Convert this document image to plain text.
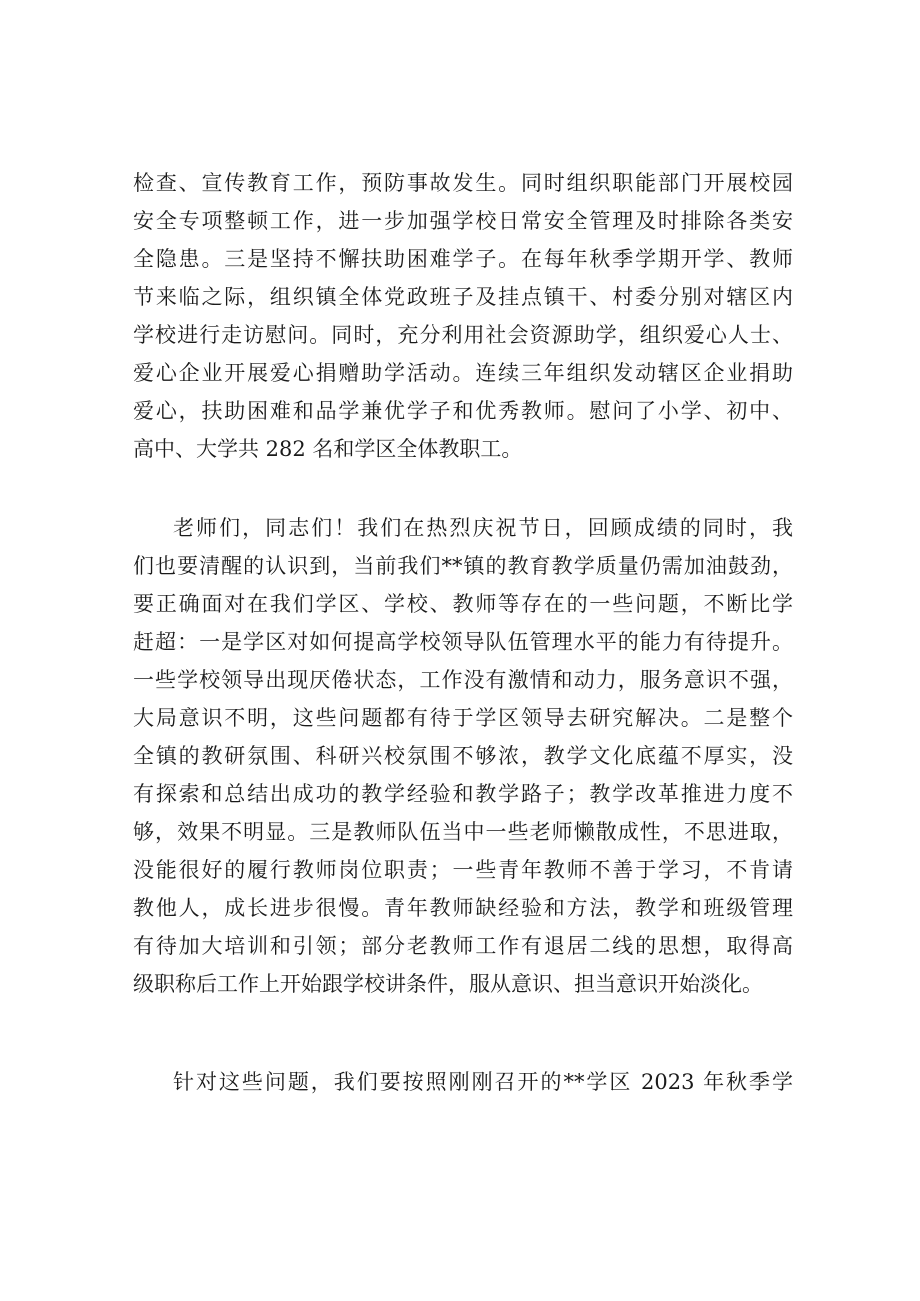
检查、宣传教育工作，预防事故发生。同时组织职能部门开展校园
安全专项整顿工作，进一步加强学校日常安全管理及时排除各类安
全隐患。三是坚持不懈扶助困难学子。在每年秋季学期开学、教师
节来临之际，组织镇全体党政班子及挂点镇干、村委分别对辖区内
学校进行走访慰问。同时，充分利用社会资源助学，组织爱心人士、
爱心企业开展爱心捐赠助学活动。连续三年组织发动辖区企业捐助
爱心，扶助困难和品学兼优学子和优秀教师。慰问了小学、初中、
高中、大学共 282 名和学区全体教职工。
老师们，同志们！我们在热烈庆祝节日，回顾成绩的同时，我
们也要清醒的认识到，当前我们**镇的教育教学质量仍需加油鼓劲，
要正确面对在我们学区、学校、教师等存在的一些问题，不断比学
赶超：一是学区对如何提高学校领导队伍管理水平的能力有待提升。
一些学校领导出现厌倦状态，工作没有激情和动力，服务意识不强，
大局意识不明，这些问题都有待于学区领导去研究解决。二是整个
全镇的教研氛围、科研兴校氛围不够浓，教学文化底蕴不厚实，没
有探索和总结出成功的教学经验和教学路子；教学改革推进力度不
够，效果不明显。三是教师队伍当中一些老师懒散成性，不思进取，
没能很好的履行教师岗位职责；一些青年教师不善于学习，不肯请
教他人，成长进步很慢。青年教师缺经验和方法，教学和班级管理
有待加大培训和引领；部分老教师工作有退居二线的思想，取得高
级职称后工作上开始跟学校讲条件，服从意识、担当意识开始淡化。
针对这些问题，我们要按照刚刚召开的**学区 2023 年秋季学
